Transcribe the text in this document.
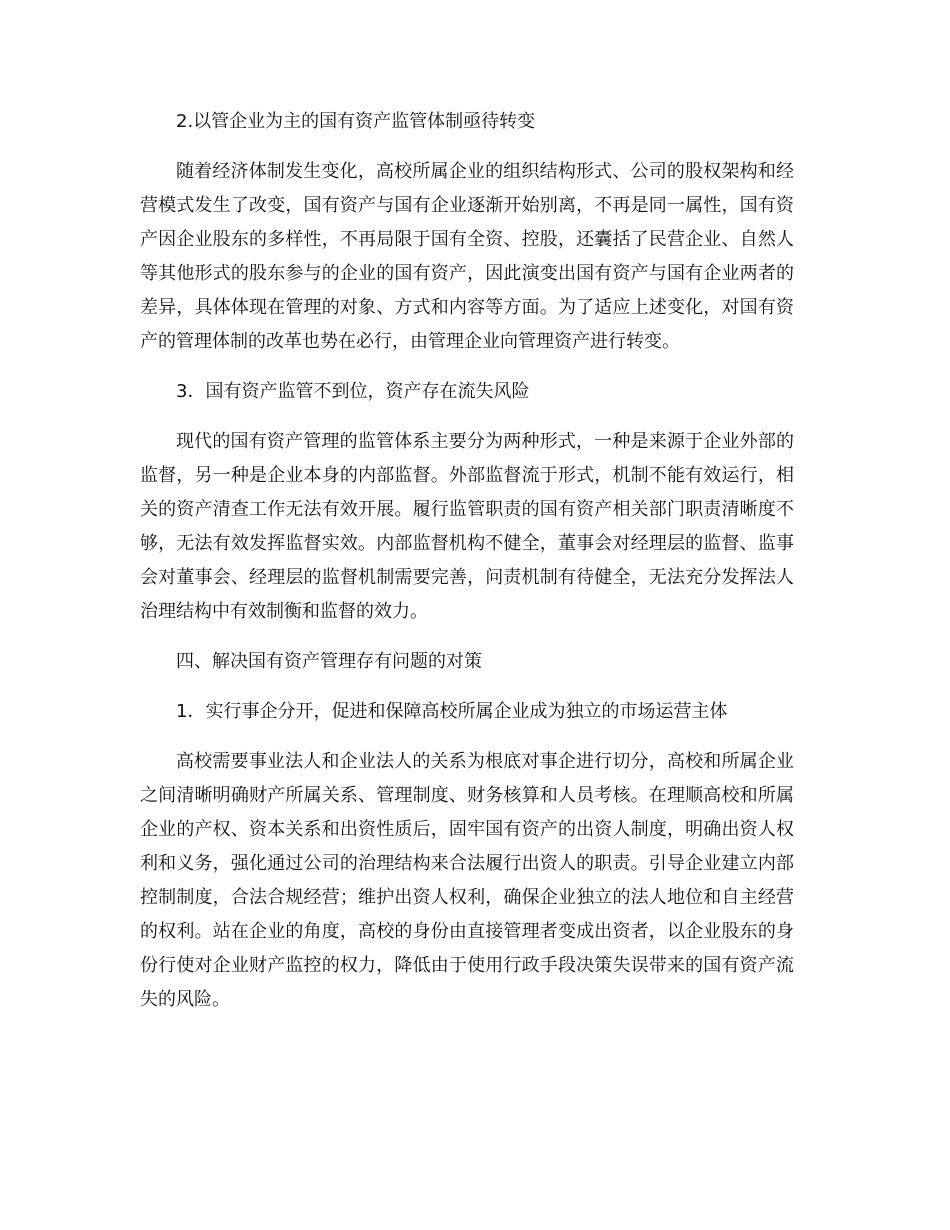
2.以管企业为主的国有资产监管体制亟待转变

随着经济体制发生变化，高校所属企业的组织结构形式、公司的股权架构和经营模式发生了改变，国有资产与国有企业逐渐开始别离，不再是同一属性，国有资产因企业股东的多样性，不再局限于国有全资、控股，还囊括了民营企业、自然人等其他形式的股东参与的企业的国有资产，因此演变出国有资产与国有企业两者的差异，具体体现在管理的对象、方式和内容等方面。为了适应上述变化，对国有资产的管理体制的改革也势在必行，由管理企业向管理资产进行转变。

3．国有资产监管不到位，资产存在流失风险

现代的国有资产管理的监管体系主要分为两种形式，一种是来源于企业外部的监督，另一种是企业本身的内部监督。外部监督流于形式，机制不能有效运行，相关的资产清查工作无法有效开展。履行监管职责的国有资产相关部门职责清晰度不够，无法有效发挥监督实效。内部监督机构不健全，董事会对经理层的监督、监事会对董事会、经理层的监督机制需要完善，问责机制有待健全，无法充分发挥法人治理结构中有效制衡和监督的效力。

四、解决国有资产管理存有问题的对策

1．实行事企分开，促进和保障高校所属企业成为独立的市场运营主体

高校需要事业法人和企业法人的关系为根底对事企进行切分，高校和所属企业之间清晰明确财产所属关系、管理制度、财务核算和人员考核。在理顺高校和所属企业的产权、资本关系和出资性质后，固牢国有资产的出资人制度，明确出资人权利和义务，强化通过公司的治理结构来合法履行出资人的职责。引导企业建立内部控制制度，合法合规经营；维护出资人权利，确保企业独立的法人地位和自主经营的权利。站在企业的角度，高校的身份由直接管理者变成出资者，以企业股东的身份行使对企业财产监控的权力，降低由于使用行政手段决策失误带来的国有资产流失的风险。
